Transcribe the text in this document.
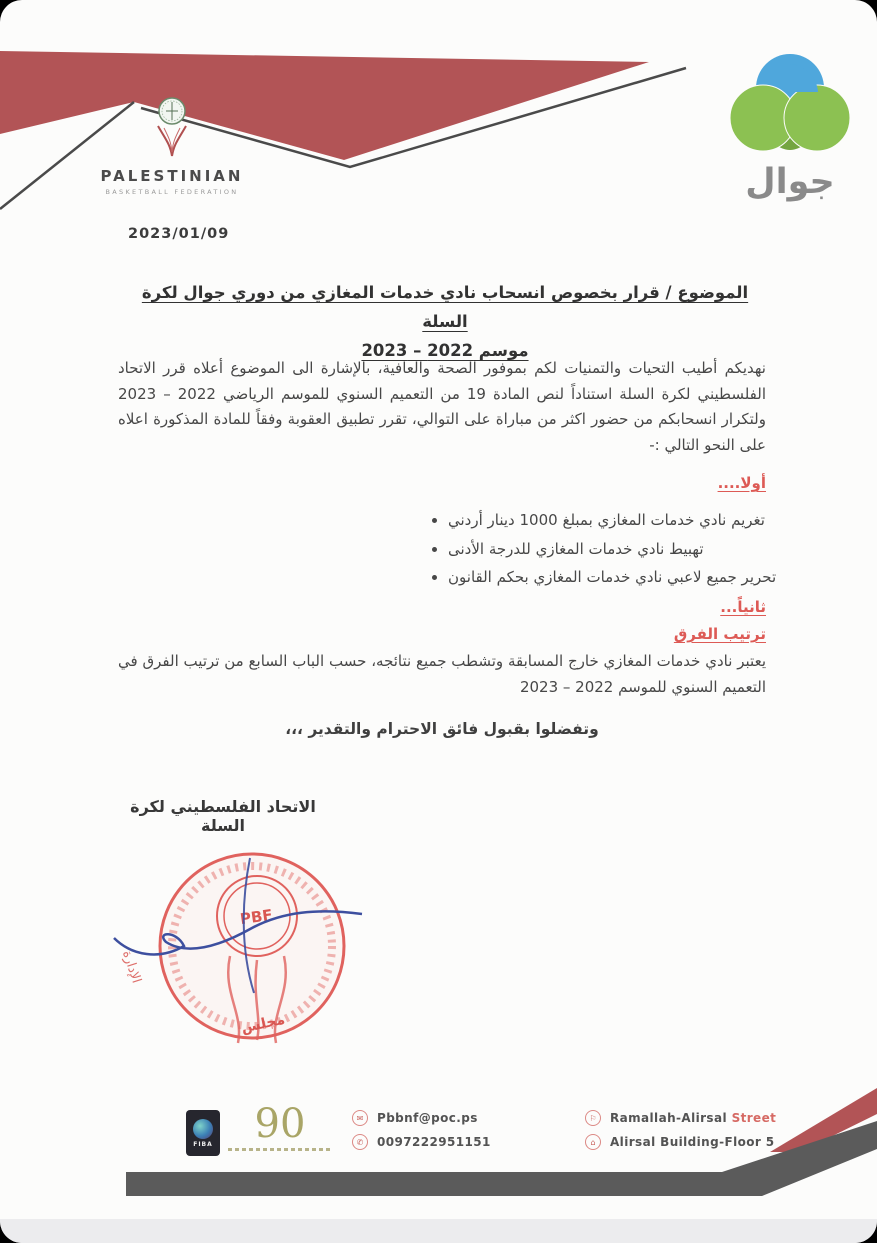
PALESTINIAN
BASKETBALL FEDERATION	جوال
2023/01/09
الموضوع / قرار بخصوص انسحاب نادي خدمات المغازي من دوري جوال لكرة السلة
موسم 2022 – 2023
نهديكم أطيب التحيات والتمنيات لكم بموفور الصحة والعافية، بالإشارة الى الموضوع أعلاه قرر الاتحاد الفلسطيني لكرة السلة استناداً لنص المادة 19 من التعميم السنوي للموسم الرياضي 2022 – 2023 ولتكرار انسحابكم من حضور اكثر من مباراة على التوالي، تقرر تطبيق العقوبة وفقاً للمادة المذكورة اعلاه على النحو التالي :-
أولا....
• تغريم نادي خدمات المغازي بمبلغ 1000 دينار أردني
• تهبيط نادي خدمات المغازي للدرجة الأدنى
• تحرير جميع لاعبي نادي خدمات المغازي بحكم القانون
ثانياً...
ترتيب الفرق
يعتبر نادي خدمات المغازي خارج المسابقة وتشطب جميع نتائجه، حسب الباب السابع من ترتيب الفرق في التعميم السنوي للموسم 2022 – 2023
وتفضلوا بقبول فائق الاحترام والتقدير ،،،
الاتحاد الفلسطيني لكرة السلة
PBF
مجلس
الإدارة
FIBA	90	✉	Pbbnf@poc.ps
✆	0097222951151
⚐	Ramallah-Alirsal Street
⌂	Alirsal Building-Floor 5
